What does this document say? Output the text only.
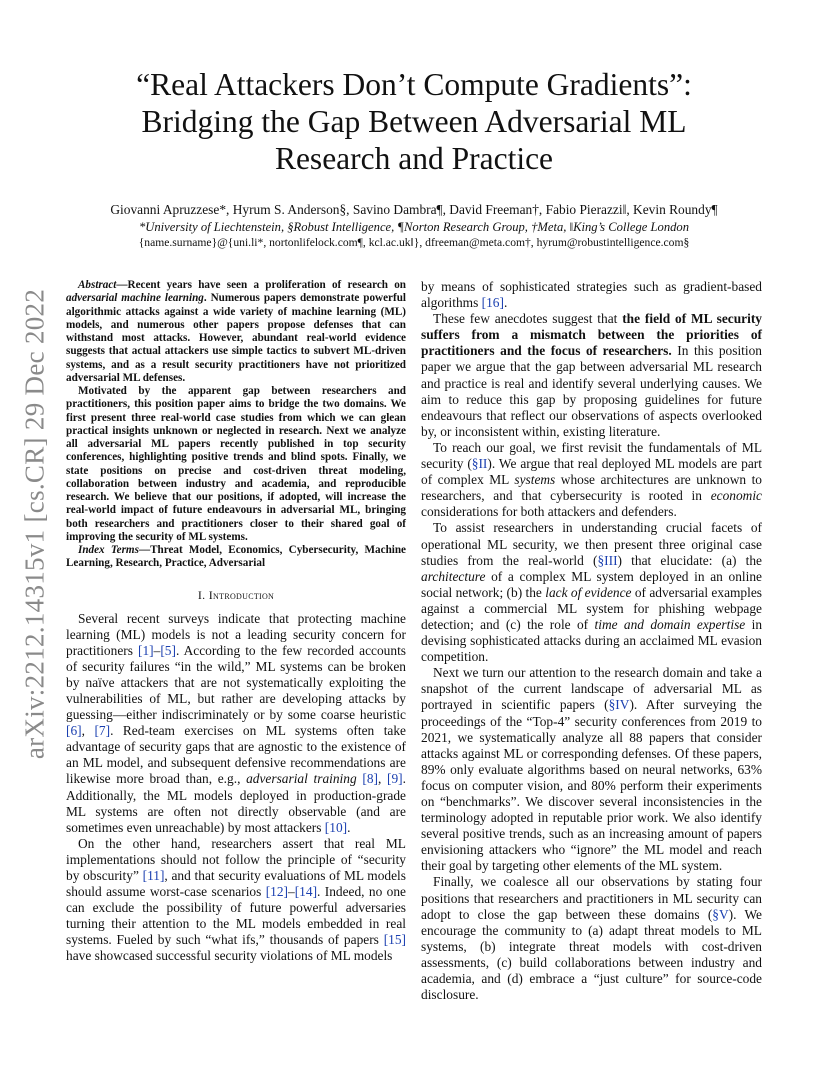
arXiv:2212.14315v1 [cs.CR] 29 Dec 2022
“Real Attackers Don’t Compute Gradients”:
Bridging the Gap Between Adversarial ML
Research and Practice
Giovanni Apruzzese*, Hyrum S. Anderson§, Savino Dambra¶, David Freeman†, Fabio Pierazzi‖, Kevin Roundy¶
*University of Liechtenstein, §Robust Intelligence, ¶Norton Research Group, †Meta, ‖King’s College London
{name.surname}@{uni.li*, nortonlifelock.com¶, kcl.ac.uk‖}, dfreeman@meta.com†, hyrum@robustintelligence.com§

Abstract—Recent years have seen a proliferation of research on adversarial machine learning. Numerous papers demonstrate powerful algorithmic attacks against a wide variety of machine learning (ML) models, and numerous other papers propose defenses that can withstand most attacks. However, abundant real-world evidence suggests that actual attackers use simple tactics to subvert ML-driven systems, and as a result security practitioners have not prioritized adversarial ML defenses.

Motivated by the apparent gap between researchers and practitioners, this position paper aims to bridge the two domains. We first present three real-world case studies from which we can glean practical insights unknown or neglected in research. Next we analyze all adversarial ML papers recently published in top security conferences, highlighting positive trends and blind spots. Finally, we state positions on precise and cost-driven threat modeling, collaboration between industry and academia, and reproducible research. We believe that our positions, if adopted, will increase the real-world impact of future endeavours in adversarial ML, bringing both researchers and practitioners closer to their shared goal of improving the security of ML systems.

Index Terms—Threat Model, Economics, Cybersecurity, Machine Learning, Research, Practice, Adversarial

I. Introduction

Several recent surveys indicate that protecting machine learning (ML) models is not a leading security concern for practitioners [1]–[5]. According to the few recorded accounts of security failures “in the wild,” ML systems can be broken by naïve attackers that are not systematically exploiting the vulnerabilities of ML, but rather are developing attacks by guessing—either indiscriminately or by some coarse heuristic [6], [7]. Red-team exercises on ML systems often take advantage of security gaps that are agnostic to the existence of an ML model, and subsequent defensive recommendations are likewise more broad than, e.g., adversarial training [8], [9]. Additionally, the ML models deployed in production-grade ML systems are often not directly observable (and are sometimes even unreachable) by most attackers [10].

On the other hand, researchers assert that real ML implementations should not follow the principle of “security by obscurity” [11], and that security evaluations of ML models should assume worst-case scenarios [12]–[14]. Indeed, no one can exclude the possibility of future powerful adversaries turning their attention to the ML models embedded in real systems. Fueled by such “what ifs,” thousands of papers [15] have showcased successful security violations of ML models

by means of sophisticated strategies such as gradient-based algorithms [16].

These few anecdotes suggest that the field of ML security suffers from a mismatch between the priorities of practitioners and the focus of researchers. In this position paper we argue that the gap between adversarial ML research and practice is real and identify several underlying causes. We aim to reduce this gap by proposing guidelines for future endeavours that reflect our observations of aspects overlooked by, or inconsistent within, existing literature.

To reach our goal, we first revisit the fundamentals of ML security (§II). We argue that real deployed ML models are part of complex ML systems whose architectures are unknown to researchers, and that cybersecurity is rooted in economic considerations for both attackers and defenders.

To assist researchers in understanding crucial facets of operational ML security, we then present three original case studies from the real-world (§III) that elucidate: (a) the architecture of a complex ML system deployed in an online social network; (b) the lack of evidence of adversarial examples against a commercial ML system for phishing webpage detection; and (c) the role of time and domain expertise in devising sophisticated attacks during an acclaimed ML evasion competition.

Next we turn our attention to the research domain and take a snapshot of the current landscape of adversarial ML as portrayed in scientific papers (§IV). After surveying the proceedings of the “Top-4” security conferences from 2019 to 2021, we systematically analyze all 88 papers that consider attacks against ML or corresponding defenses. Of these papers, 89% only evaluate algorithms based on neural networks, 63% focus on computer vision, and 80% perform their experiments on “benchmarks”. We discover several inconsistencies in the terminology adopted in reputable prior work. We also identify several positive trends, such as an increasing amount of papers envisioning attackers who “ignore” the ML model and reach their goal by targeting other elements of the ML system.

Finally, we coalesce all our observations by stating four positions that researchers and practitioners in ML security can adopt to close the gap between these domains (§V). We encourage the community to (a) adapt threat models to ML systems, (b) integrate threat models with cost-driven assessments, (c) build collaborations between industry and academia, and (d) embrace a “just culture” for source-code disclosure.
